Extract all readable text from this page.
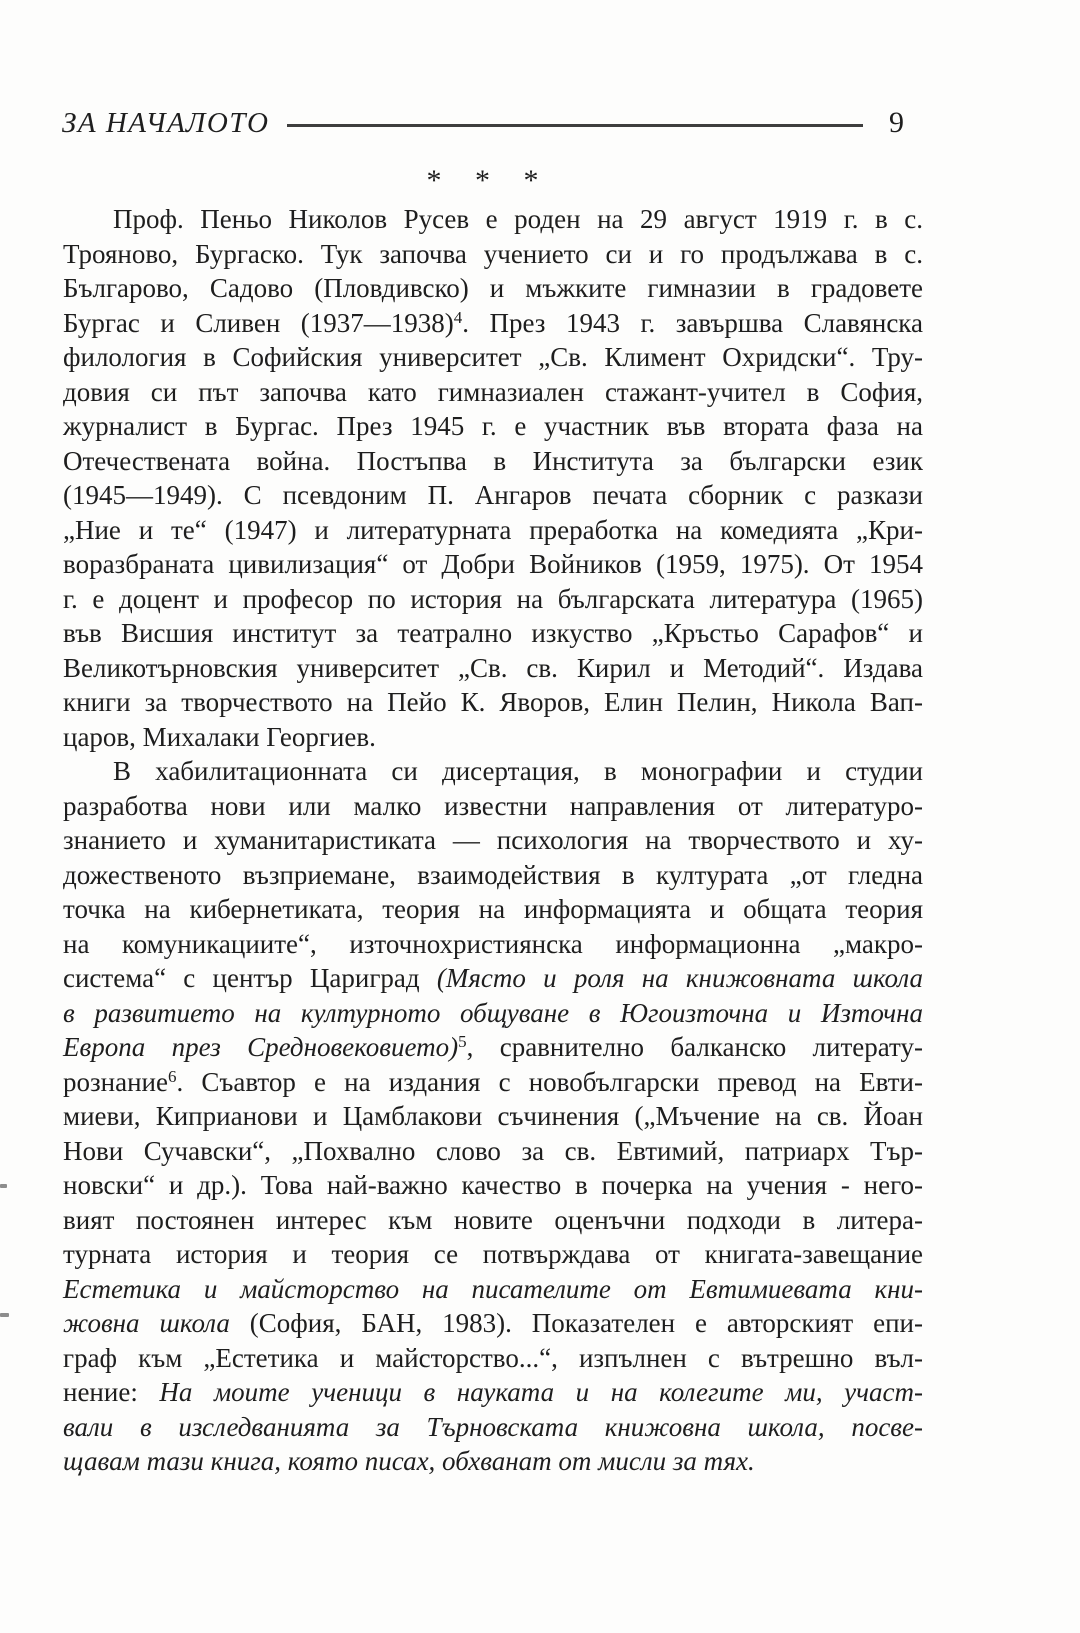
ЗА НАЧАЛОТО	9
* * *
Проф. Пеньо Николов Русев е роден на 29 август 1919 г. в с.
Трояново, Бургаско. Тук започва учението си и го продължава в с.
Българово, Садово (Пловдивско) и мъжките гимназии в градовете
Бургас и Сливен (1937—1938)$^4$. През 1943 г. завършва Славянска
филология в Софийския университет „Св. Климент Охридски“. Тру-
довия си път започва като гимназиален стажант-учител в София,
журналист в Бургас. През 1945 г. е участник във втората фаза на
Отечествената война. Постъпва в Института за български език
(1945—1949). С псевдоним П. Ангаров печата сборник с разкази
„Ние и те“ (1947) и литературната преработка на комедията „Кри-
воразбраната цивилизация“ от Добри Войников (1959, 1975). От 1954
г. е доцент и професор по история на българската литература (1965)
във Висшия институт за театрално изкуство „Кръстьо Сарафов“ и
Великотърновския университет „Св. св. Кирил и Методий“. Издава
книги за творчеството на Пейо К. Яворов, Елин Пелин, Никола Вап-
царов, Михалаки Георгиев.
В хабилитационната си дисертация, в монографии и студии
разработва нови или малко известни направления от литературо-
знанието и хуманитаристиката — психология на творчеството и ху-
дожественото възприемане, взаимодействия в културата „от гледна
точка на кибернетиката, теория на информацията и общата теория
на комуникациите“, източнохристиянска информационна „макро-
система“ с център Цариград (Място и роля на книжовната школа
в развитието на културното общуване в Югоизточна и Източна
Европа през Средновековието)$^5$, сравнително балканско литерату-
рознание$^6$. Съавтор е на издания с новобългарски превод на Евти-
миеви, Киприанови и Цамблакови съчинения („Мъчение на св. Йоан
Нови Сучавски“, „Похвално слово за св. Евтимий, патриарх Тър-
новски“ и др.). Това най-важно качество в почерка на учения - него-
вият постоянен интерес към новите оценъчни подходи в литера-
турната история и теория се потвърждава от книгата-завещание
Естетика и майсторство на писателите от Евтимиевата кни-
жовна школа (София, БАН, 1983). Показателен е авторският епи-
граф към „Естетика и майсторство...“, изпълнен с вътрешно въл-
нение: На моите ученици в науката и на колегите ми, участ-
вали в изследванията за Търновската книжовна школа, посве-
щавам тази книга, която писах, обхванат от мисли за тях.
